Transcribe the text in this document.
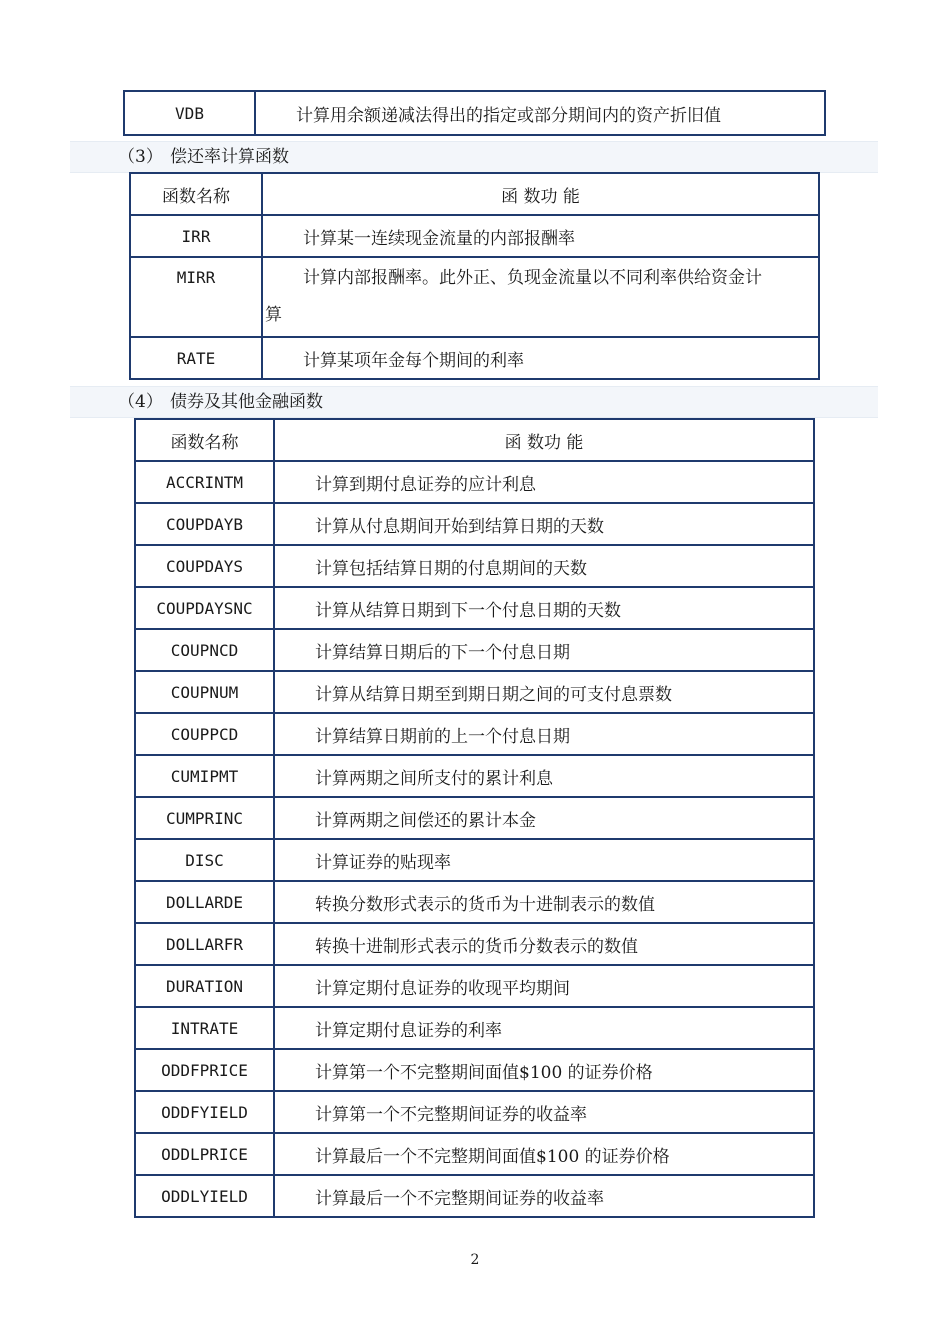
VDB	计算用余额递减法得出的指定或部分期间内的资产折旧值
（3） 偿还率计算函数
函数名称	函 数功 能
IRR	计算某一连续现金流量的内部报酬率
MIRR	计算内部报酬率。此外正、负现金流量以不同利率供给资金计
算

RATE	计算某项年金每个期间的利率
（4） 债券及其他金融函数
函数名称	函 数功 能
ACCRINTM	计算到期付息证券的应计利息
COUPDAYB	计算从付息期间开始到结算日期的天数
COUPDAYS	计算包括结算日期的付息期间的天数
COUPDAYSNC	计算从结算日期到下一个付息日期的天数
COUPNCD	计算结算日期后的下一个付息日期
COUPNUM	计算从结算日期至到期日期之间的可支付息票数
COUPPCD	计算结算日期前的上一个付息日期
CUMIPMT	计算两期之间所支付的累计利息
CUMPRINC	计算两期之间偿还的累计本金
DISC	计算证券的贴现率
DOLLARDE	转换分数形式表示的货币为十进制表示的数值
DOLLARFR	转换十进制形式表示的货币分数表示的数值
DURATION	计算定期付息证券的收现平均期间
INTRATE	计算定期付息证券的利率
ODDFPRICE	计算第一个不完整期间面值$100 的证券价格
ODDFYIELD	计算第一个不完整期间证券的收益率
ODDLPRICE	计算最后一个不完整期间面值$100 的证券价格
ODDLYIELD	计算最后一个不完整期间证券的收益率
2
